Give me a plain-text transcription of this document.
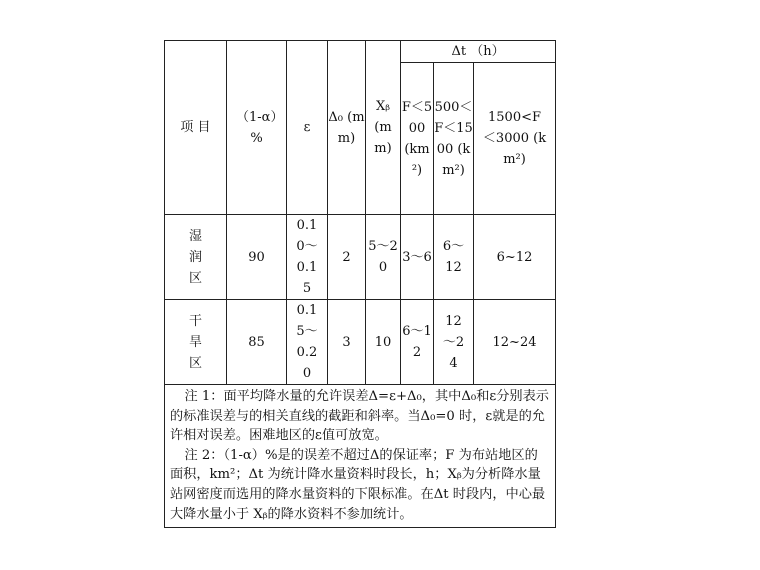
项 目	（1-α）%	ε	Δ₀ (mm)	Xᵦ (mm)	Δt （h）		
					F＜500 (km²)	500＜F＜1500 (km²)	1500<F＜3000 (km²)
湿润区	90	0.10～0.15	2	5～20	3～6	6～12	6~12
干旱区	85	0.15～0.20	3	10	6～12	12～24	12~24

注 1：面平均降水量的允许误差Δ=ε+Δ₀，其中Δ₀和ε分别表示的标准误差与的相关直线的截距和斜率。当Δ₀=0 时，ε就是的允许相对误差。困难地区的ε值可放宽。

注 2：（1-α）%是的误差不超过Δ的保证率；F 为布站地区的面积，km²；Δt 为统计降水量资料时段长，h；Xᵦ为分析降水量站网密度而选用的降水量资料的下限标准。在Δt 时段内，中心最大降水量小于 Xᵦ的降水资料不参加统计。							
